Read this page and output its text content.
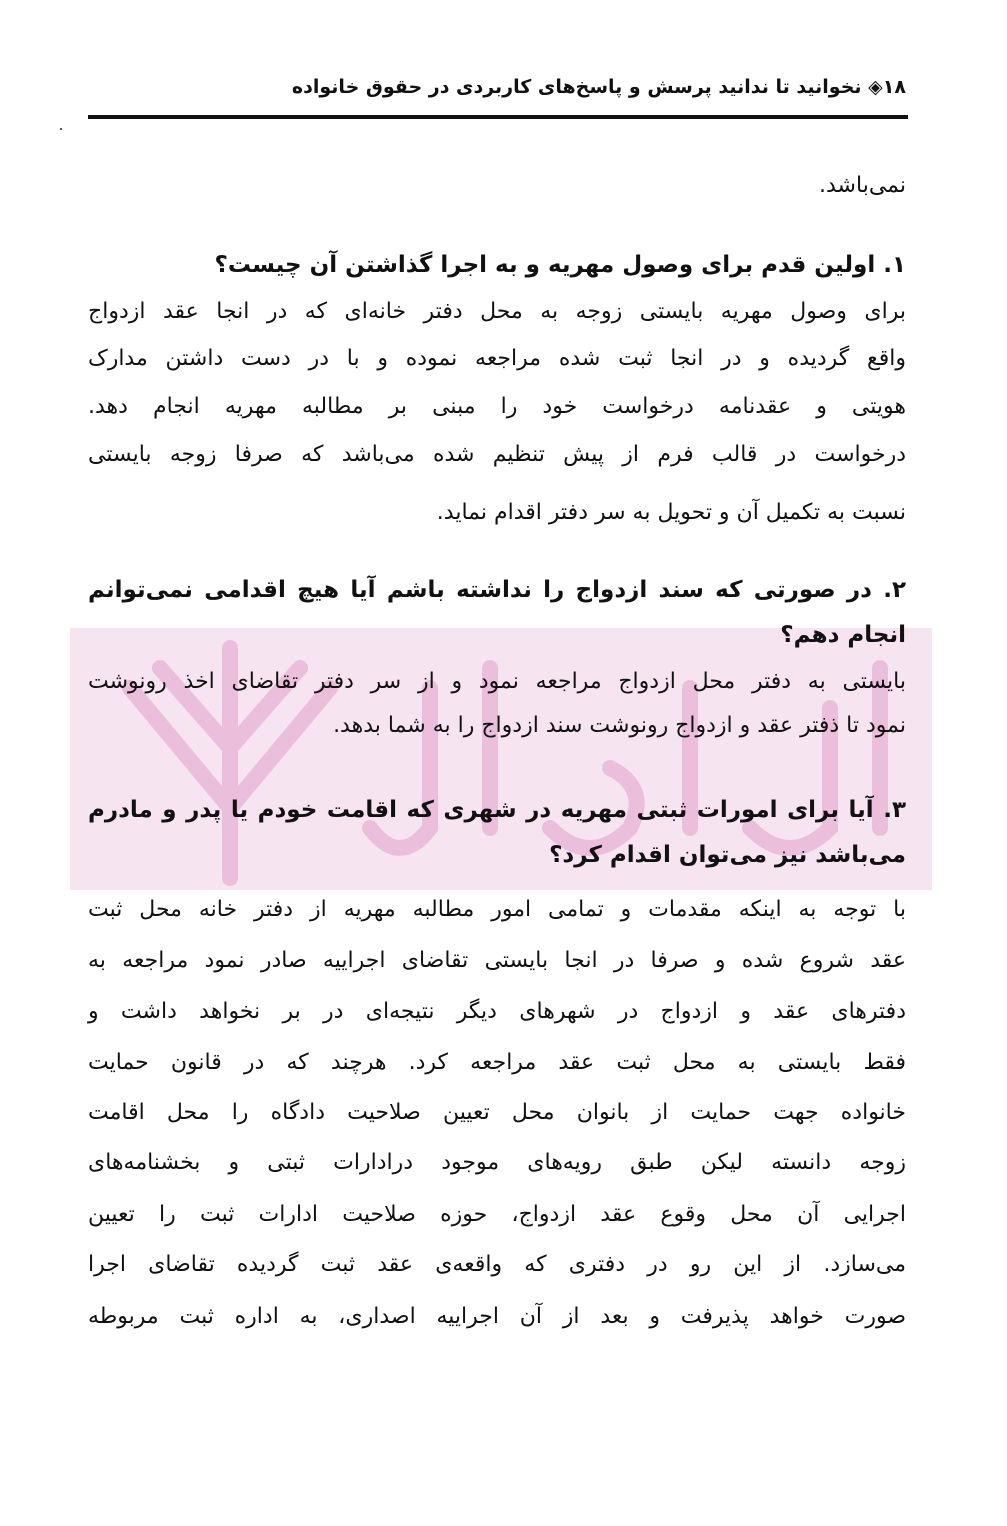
۱۸◈ نخوانید تا ندانید پرسش و پاسخ‌های کاربردی در حقوق خانواده
نمی‌باشد.
۱. اولین قدم برای وصول مهریه و به اجرا گذاشتن آن چیست؟
برای وصول مهریه بایستی زوجه به محل دفتر خانه‌ای که در انجا عقد ازدواج
واقع گردیده و در انجا ثبت شده مراجعه نموده و با در دست داشتن مدارک
هویتی و عقدنامه درخواست خود را مبنی بر مطالبه مهریه انجام دهد.
درخواست در قالب فرم از پیش تنظیم شده می‌باشد که صرفا زوجه بایستی
نسبت به تکمیل آن و تحویل به سر دفتر اقدام نماید.
۲. در صورتی که سند ازدواج را نداشته باشم آیا هیچ اقدامی نمی‌توانم
انجام دهم؟
بایستی به دفتر محل ازدواج مراجعه نمود و از سر دفتر تقاضای اخذ رونوشت
نمود تا ذفتر عقد و ازدواج رونوشت سند ازدواج را به شما بدهد.
۳. آیا برای امورات ثبتی مهریه در شهری که اقامت خودم یا پدر و مادرم
می‌باشد نیز می‌توان اقدام کرد؟
با توجه به اینکه مقدمات و تمامی امور مطالبه مهریه از دفتر خانه محل ثبت
عقد شروع شده و صرفا در انجا بایستی تقاضای اجراییه صادر نمود مراجعه به
دفترهای عقد و ازدواج در شهرهای دیگر نتیجه‌ای در بر نخواهد داشت و
فقط بایستی به محل ثبت عقد مراجعه کرد. هرچند که در قانون حمایت
خانواده جهت حمایت از بانوان محل تعیین صلاحیت دادگاه را محل اقامت
زوجه دانسته لیکن طبق رویه‌های موجود درادارات ثبتی و بخشنامه‌های
اجرایی آن محل وقوع عقد ازدواج، حوزه صلاحیت ادارات ثبت را تعیین
می‌سازد. از این رو در دفتری که واقعه‌ی عقد ثبت گردیده تقاضای اجرا
صورت خواهد پذیرفت و بعد از آن اجراییه اصداری، به اداره ثبت مربوطه
